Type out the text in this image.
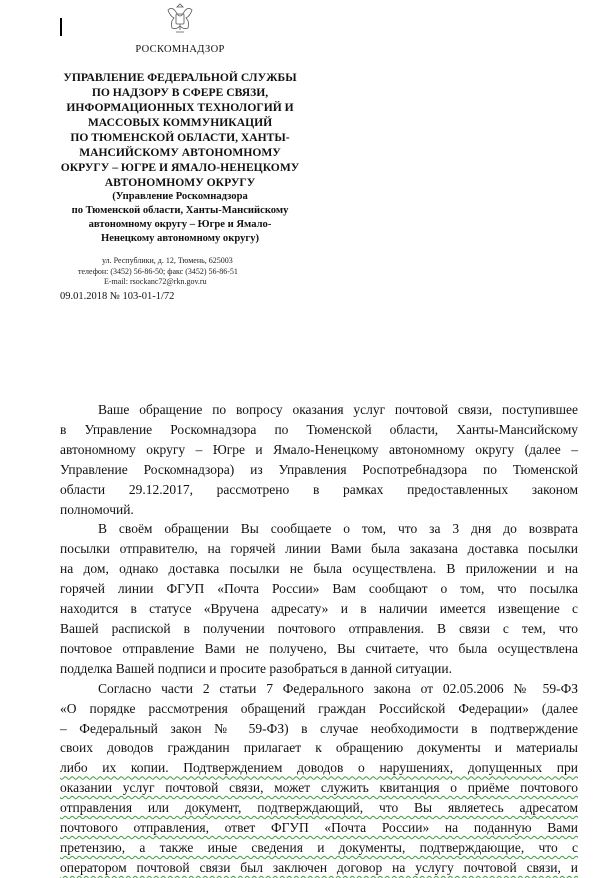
РОСКОМНАДЗОР

УПРАВЛЕНИЕ ФЕДЕРАЛЬНОЙ СЛУЖБЫ

ПО НАДЗОРУ В СФЕРЕ СВЯЗИ,

ИНФОРМАЦИОННЫХ ТЕХНОЛОГИЙ И

МАССОВЫХ КОММУНИКАЦИЙ

ПО ТЮМЕНСКОЙ ОБЛАСТИ, ХАНТЫ-

МАНСИЙСКОМУ АВТОНОМНОМУ

ОКРУГУ – ЮГРЕ И ЯМАЛО-НЕНЕЦКОМУ

АВТОНОМНОМУ ОКРУГУ

(Управление Роскомнадзора

по Тюменской области, Ханты-Мансийскому

автономному округу – Югре и Ямало-

Ненецкому автономному округу)

ул. Республики, д. 12, Тюмень, 625003
телефон: (3452) 56-86-50; факс (3452) 56-86-51
E-mail: rsockanc72@rkn.gov.ru
09.01.2018 № 103-01-1/72
Ваше обращение по вопросу оказания услуг почтовой связи, поступившее
в Управление Роскомнадзора по Тюменской области, Ханты-Мансийскому
автономному округу – Югре и Ямало-Ненецкому автономному округу (далее –
Управление Роскомнадзора) из Управления Роспотребнадзора по Тюменской
области 29.12.2017, рассмотрено в рамках предоставленных законом
полномочий.
В своём обращении Вы сообщаете о том, что за 3 дня до возврата
посылки отправителю, на горячей линии Вами была заказана доставка посылки
на дом, однако доставка посылки не была осуществлена. В приложении и на
горячей линии ФГУП «Почта России» Вам сообщают о том, что посылка
находится в статусе «Вручена адресату» и в наличии имеется извещение с
Вашей распиской в получении почтового отправления. В связи с тем, что
почтовое отправление Вами не получено, Вы считаете, что была осуществлена
подделка Вашей подписи и просите разобраться в данной ситуации.
Согласно части 2 статьи 7 Федерального закона от 02.05.2006 № 59-ФЗ
«О порядке рассмотрения обращений граждан Российской Федерации» (далее
– Федеральный закон № 59-ФЗ) в случае необходимости в подтверждение
своих доводов гражданин прилагает к обращению документы и материалы
либо их копии. Подтверждением доводов о нарушениях, допущенных при
оказании услуг почтовой связи, может служить квитанция о приёме почтового
отправления или документ, подтверждающий, что Вы являетесь адресатом
почтового отправления, ответ ФГУП «Почта России» на поданную Вами
претензию, а также иные сведения и документы, подтверждающие, что с
оператором почтовой связи был заключен договор на услугу почтовой связи, и
